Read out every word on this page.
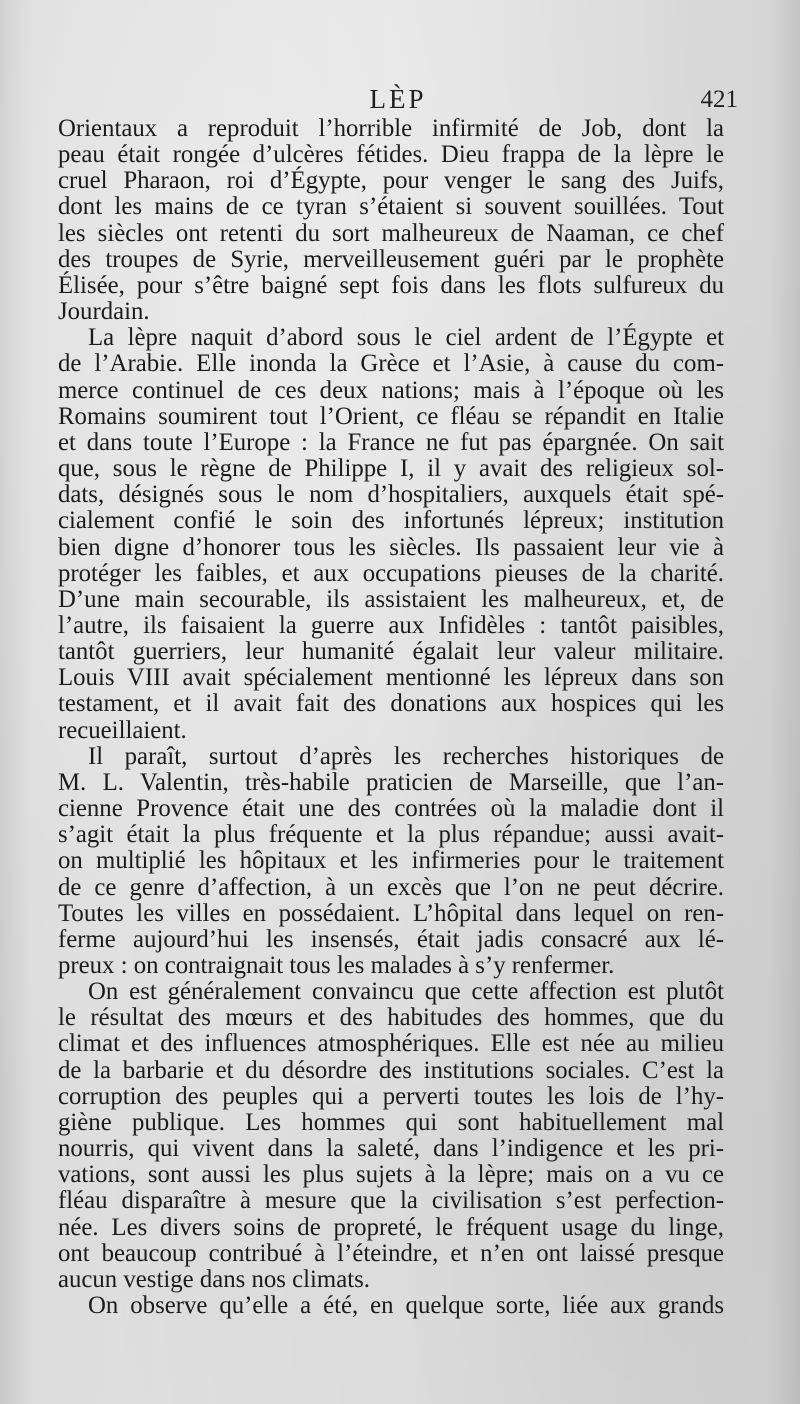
LÈP	421
Orientaux a reproduit l’horrible infirmité de Job, dont la
peau était rongée d’ulcères fétides. Dieu frappa de la lèpre le
cruel Pharaon, roi d’Égypte, pour venger le sang des Juifs,
dont les mains de ce tyran s’étaient si souvent souillées. Tout
les siècles ont retenti du sort malheureux de Naaman, ce chef
des troupes de Syrie, merveilleusement guéri par le prophète
Élisée, pour s’être baigné sept fois dans les flots sulfureux du
Jourdain.
La lèpre naquit d’abord sous le ciel ardent de l’Égypte et
de l’Arabie. Elle inonda la Grèce et l’Asie, à cause du com-
merce continuel de ces deux nations; mais à l’époque où les
Romains soumirent tout l’Orient, ce fléau se répandit en Italie
et dans toute l’Europe : la France ne fut pas épargnée. On sait
que, sous le règne de Philippe I, il y avait des religieux sol-
dats, désignés sous le nom d’hospitaliers, auxquels était spé-
cialement confié le soin des infortunés lépreux; institution
bien digne d’honorer tous les siècles. Ils passaient leur vie à
protéger les faibles, et aux occupations pieuses de la charité.
D’une main secourable, ils assistaient les malheureux, et, de
l’autre, ils faisaient la guerre aux Infidèles : tantôt paisibles,
tantôt guerriers, leur humanité égalait leur valeur militaire.
Louis VIII avait spécialement mentionné les lépreux dans son
testament, et il avait fait des donations aux hospices qui les
recueillaient.
Il paraît, surtout d’après les recherches historiques de
M. L. Valentin, très-habile praticien de Marseille, que l’an-
cienne Provence était une des contrées où la maladie dont il
s’agit était la plus fréquente et la plus répandue; aussi avait-
on multiplié les hôpitaux et les infirmeries pour le traitement
de ce genre d’affection, à un excès que l’on ne peut décrire.
Toutes les villes en possédaient. L’hôpital dans lequel on ren-
ferme aujourd’hui les insensés, était jadis consacré aux lé-
preux : on contraignait tous les malades à s’y renfermer.
On est généralement convaincu que cette affection est plutôt
le résultat des mœurs et des habitudes des hommes, que du
climat et des influences atmosphériques. Elle est née au milieu
de la barbarie et du désordre des institutions sociales. C’est la
corruption des peuples qui a perverti toutes les lois de l’hy-
giène publique. Les hommes qui sont habituellement mal
nourris, qui vivent dans la saleté, dans l’indigence et les pri-
vations, sont aussi les plus sujets à la lèpre; mais on a vu ce
fléau disparaître à mesure que la civilisation s’est perfection-
née. Les divers soins de propreté, le fréquent usage du linge,
ont beaucoup contribué à l’éteindre, et n’en ont laissé presque
aucun vestige dans nos climats.
On observe qu’elle a été, en quelque sorte, liée aux grands
